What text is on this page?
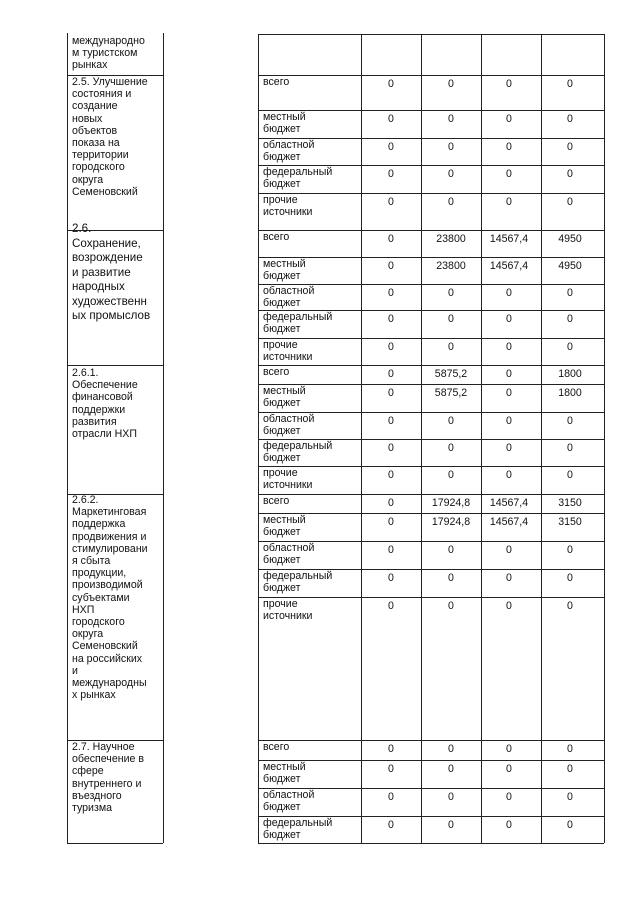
международно
м туристском
рынках
2.5. Улучшение
состояния и
создание
новых
объектов
показа на
территории
городского
округа
Семеновский
всего	0	0	0	0
местный
бюджет
0	0	0	0
областной
бюджет
0	0	0	0
федеральный
бюджет
0	0	0	0
прочие
источники
0	0	0	0
2.6.
Сохранение,
возрождение
и развитие
народных
художественн
ых промыслов
всего	0	23800	14567,4	4950
местный
бюджет
0	23800	14567,4	4950
областной
бюджет
0	0	0	0
федеральный
бюджет
0	0	0	0
прочие
источники
0	0	0	0
2.6.1.
Обеспечение
финансовой
поддержки
развития
отрасли НХП
всего	0	5875,2	0	1800
местный
бюджет
0	5875,2	0	1800
областной
бюджет
0	0	0	0
федеральный
бюджет
0	0	0	0
прочие
источники
0	0	0	0
2.6.2.
Маркетинговая
поддержка
продвижения и
стимулировани
я сбыта
продукции,
производимой
субъектами
НХП
городского
округа
Семеновский
на российских
и
международны
х рынках
всего	0	17924,8	14567,4	3150
местный
бюджет
0	17924,8	14567,4	3150
областной
бюджет
0	0	0	0
федеральный
бюджет
0	0	0	0
прочие
источники
0	0	0	0
2.7. Научное
обеспечение в
сфере
внутреннего и
въездного
туризма
всего	0	0	0	0
местный
бюджет
0	0	0	0
областной
бюджет
0	0	0	0
федеральный
бюджет
0	0	0	0
